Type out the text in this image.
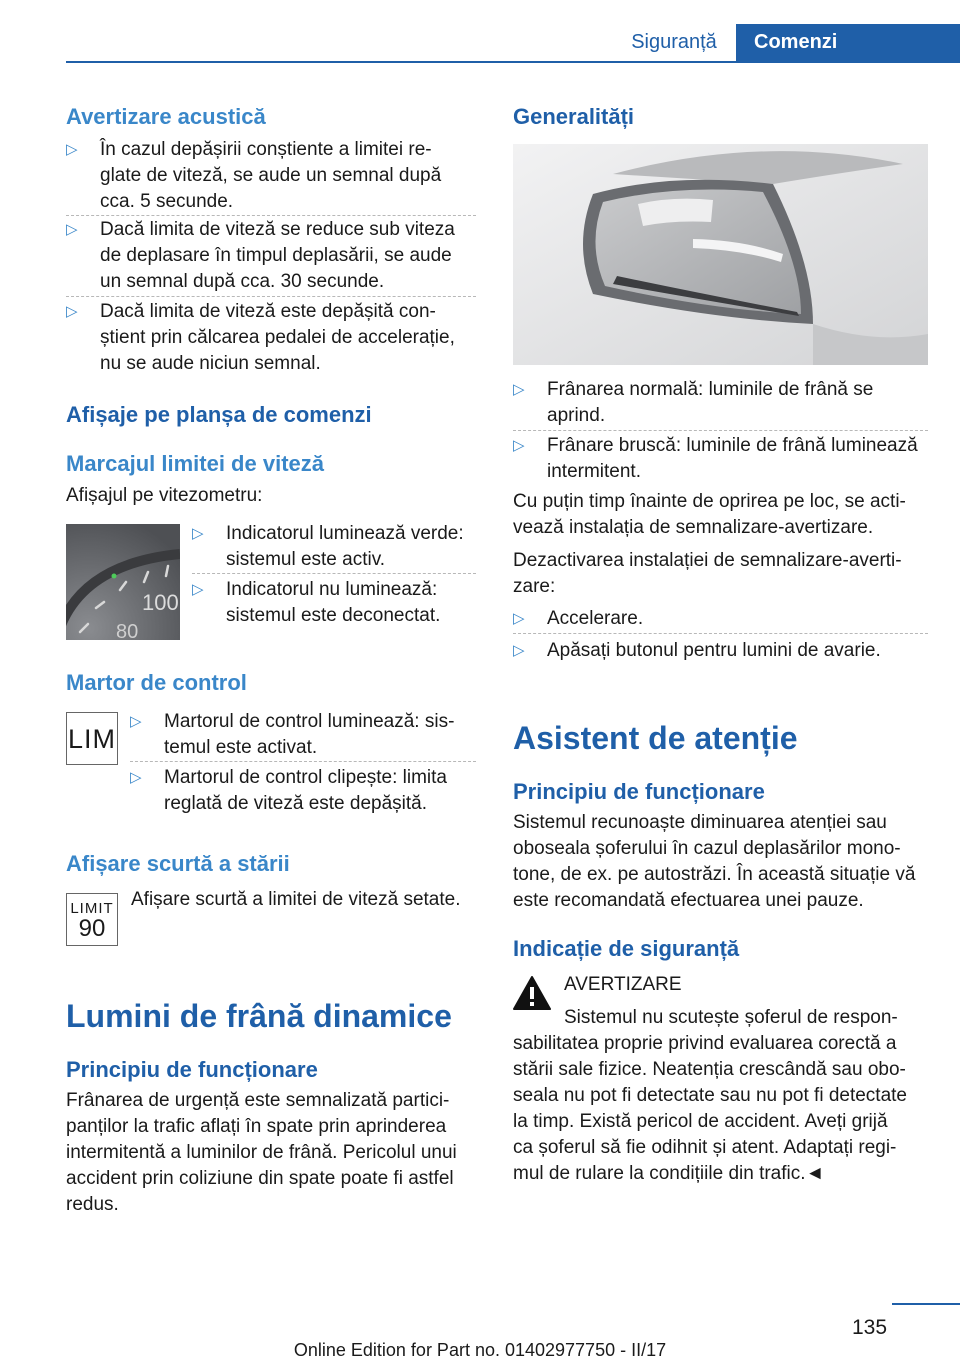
Siguranță	Comenzi
Avertizare acustică
▷ În cazul depășirii conștiente a limitei re-
glate de viteză, se aude un semnal după
cca. 5 secunde.
▷ Dacă limita de viteză se reduce sub viteza
de deplasare în timpul deplasării, se aude
un semnal după cca. 30 secunde.
▷ Dacă limita de viteză este depășită con-
știent prin călcarea pedalei de accelerație,
nu se aude niciun semnal.
Afișaje pe planșa de comenzi
Marcajul limitei de viteză
Afișajul pe vitezometru:
100
80
▷ Indicatorul luminează verde:
sistemul este activ.
▷ Indicatorul nu luminează:
sistemul este deconectat.
Martor de control
LIM
▷ Martorul de control luminează: sis-
temul este activat.
▷ Martorul de control clipește: limita
reglată de viteză este depășită.
Afișare scurtă a stării
LIMIT
90
Afișare scurtă a limitei de viteză setate.
Lumini de frână dinamice
Principiu de funcționare
Frânarea de urgență este semnalizată partici-
panților la trafic aflați în spate prin aprinderea
intermitentă a luminilor de frână. Pericolul unui
accident prin coliziune din spate poate fi astfel
redus.
Generalități
▷ Frânarea normală: luminile de frână se
aprind.
▷ Frânare bruscă: luminile de frână luminează
intermitent.
Cu puțin timp înainte de oprirea pe loc, se acti-
vează instalația de semnalizare-avertizare.
Dezactivarea instalației de semnalizare-averti-
zare:
▷ Accelerare.
▷ Apăsați butonul pentru lumini de avarie.
Asistent de atenție
Principiu de funcționare
Sistemul recunoaște diminuarea atenției sau
oboseala șoferului în cazul deplasărilor mono-
tone, de ex. pe autostrăzi. În această situație vă
este recomandată efectuarea unei pauze.
Indicație de siguranță
AVERTIZARE
Sistemul nu scutește șoferul de respon-
sabilitatea proprie privind evaluarea corectă a
stării sale fizice. Neatenția crescândă sau obo-
seala nu pot fi detectate sau nu pot fi detectate
la timp. Există pericol de accident. Aveți grijă
ca șoferul să fie odihnit și atent. Adaptați regi-
mul de rulare la condițiile din trafic.◄
135
Online Edition for Part no. 01402977750 - II/17
